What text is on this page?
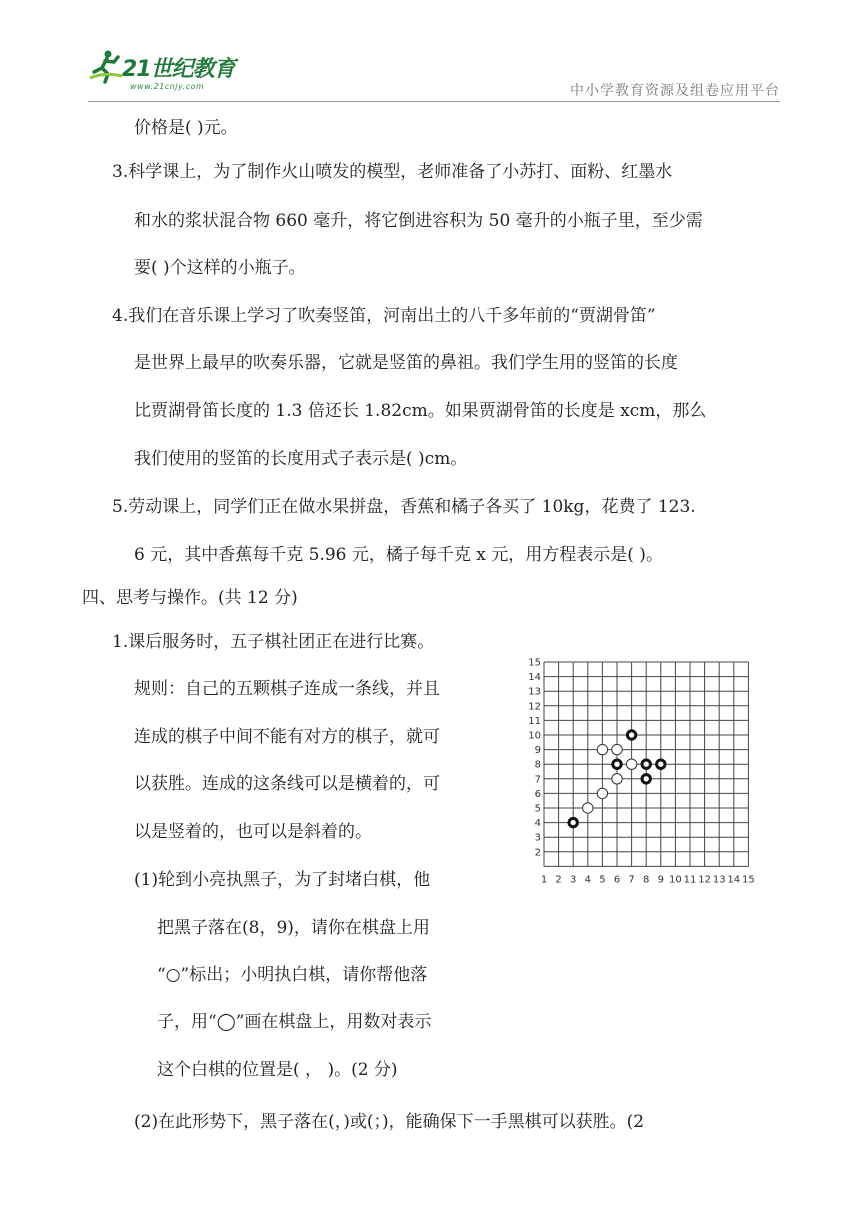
21世纪教育
www.21cnjy.com	中小学教育资源及组卷应用平台
价格是( )元。
3.科学课上，为了制作火山喷发的模型，老师准备了小苏打、面粉、红墨水
和水的浆状混合物 660 毫升，将它倒进容积为 50 毫升的小瓶子里，至少需
要( )个这样的小瓶子。
4.我们在音乐课上学习了吹奏竖笛，河南出土的八千多年前的“贾湖骨笛”
是世界上最早的吹奏乐器，它就是竖笛的鼻祖。我们学生用的竖笛的长度
比贾湖骨笛长度的 1.3 倍还长 1.82cm。如果贾湖骨笛的长度是 xcm，那么
我们使用的竖笛的长度用式子表示是( )cm。
5.劳动课上，同学们正在做水果拼盘，香蕉和橘子各买了 10kg，花费了 123.
6 元，其中香蕉每千克 5.96 元，橘子每千克 x 元，用方程表示是( )。
四、思考与操作。(共 12 分)
1.课后服务时，五子棋社团正在进行比赛。
规则：自己的五颗棋子连成一条线，并且
连成的棋子中间不能有对方的棋子，就可
以获胜。连成的这条线可以是横着的，可
以是竖着的，也可以是斜着的。
(1)轮到小亮执黑子，为了封堵白棋，他
把黑子落在(8，9)，请你在棋盘上用
“○”标出；小明执白棋，请你帮他落
子，用“◯”画在棋盘上，用数对表示
这个白棋的位置是( ， )。(2 分)
(2)在此形势下，黑子落在(，)或(；)，能确保下一手黑棋可以获胜。(2
1 2 3 4 5 6 7 8 9 10 11 12 13 14 15
15
14
13
12
11
10
9
8
7
6
5
4
3
2
